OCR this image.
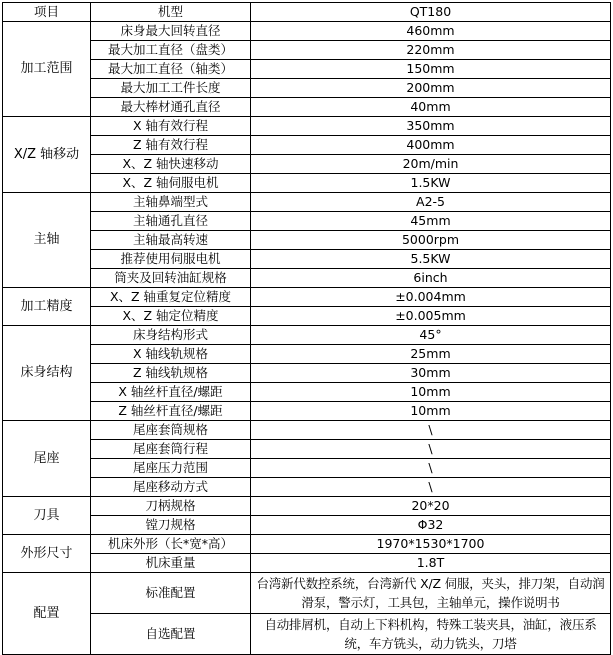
项目	机型	QT180
加工范围	床身最大回转直径	460mm
	最大加工直径（盘类）	220mm
	最大加工直径（轴类）	150mm
	最大加工工件长度	200mm
	最大棒材通孔直径	40mm
X/Z 轴移动	X 轴有效行程	350mm
	Z 轴有效行程	400mm
	X、Z 轴快速移动	20m/min
	X、Z 轴伺服电机	1.5KW
主轴	主轴鼻端型式	A2-5
	主轴通孔直径	45mm
	主轴最高转速	5000rpm
	推荐使用伺服电机	5.5KW
	筒夹及回转油缸规格	6inch
加工精度	X、Z 轴重复定位精度	±0.004mm
	X、Z 轴定位精度	±0.005mm
床身结构	床身结构形式	45°
	X 轴线轨规格	25mm
	Z 轴线轨规格	30mm
	X 轴丝杆直径/螺距	10mm
	Z 轴丝杆直径/螺距	10mm
尾座	尾座套筒规格	\
	尾座套筒行程	\
	尾座压力范围	\
	尾座移动方式	\
刀具	刀柄规格	20*20
	镗刀规格	Φ32
外形尺寸	机床外形（长*宽*高）	1970*1530*1700
	机床重量	1.8T
配置	标准配置	台湾新代数控系统，台湾新代 X/Z 伺服，夹头，排刀架，自动润滑泵，警示灯，工具包，主轴单元，操作说明书
	自选配置	自动排屑机，自动上下料机构，特殊工装夹具，油缸，液压系统，车方铣头，动力铣头，刀塔
